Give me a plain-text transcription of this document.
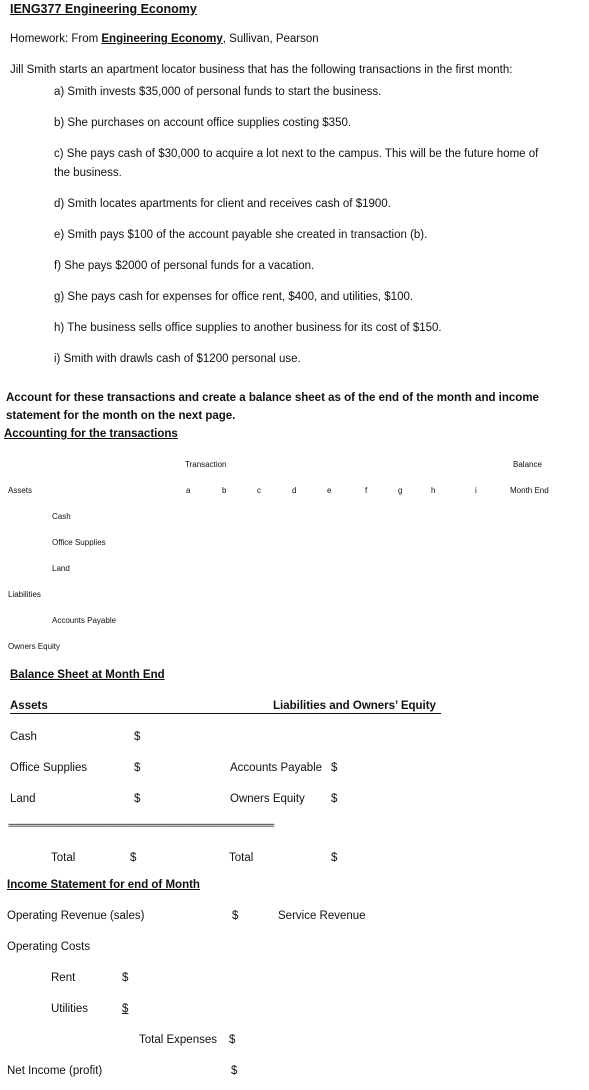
IENG377 Engineering Economy
Homework: From Engineering Economy, Sullivan, Pearson
Jill Smith starts an apartment locator business that has the following transactions in the first month:
a) Smith invests $35,000 of personal funds to start the business.
b) She purchases on account office supplies costing $350.
c) She pays cash of $30,000 to acquire a lot next to the campus. This will be the future home of
the business.
d) Smith locates apartments for client and receives cash of $1900.
e) Smith pays $100 of the account payable she created in transaction (b).
f) She pays $2000 of personal funds for a vacation.
g) She pays cash for expenses for office rent, $400, and utilities, $100.
h) The business sells office supplies to another business for its cost of $150.
i) Smith with drawls cash of $1200 personal use.
Account for these transactions and create a balance sheet as of the end of the month and income
statement for the month on the next page.
Accounting for the transactions
Transaction	Balance
Assets	a	b	c	d	e	f	g	h	i	Month End
Cash
Office Supplies
Land
Liabilities
Accounts Payable
Owners Equity
Balance Sheet at Month End
Assets	Liabilities and Owners’ Equity
Cash	$
Office Supplies	$	Accounts Payable $
Land	$	Owners Equity $
==================================================================
Total	$	Total	$
Income Statement for end of Month
Operating Revenue (sales)	$	Service Revenue
Operating Costs
Rent	$
Utilities	$
Total Expenses $
Net Income (profit)	$
